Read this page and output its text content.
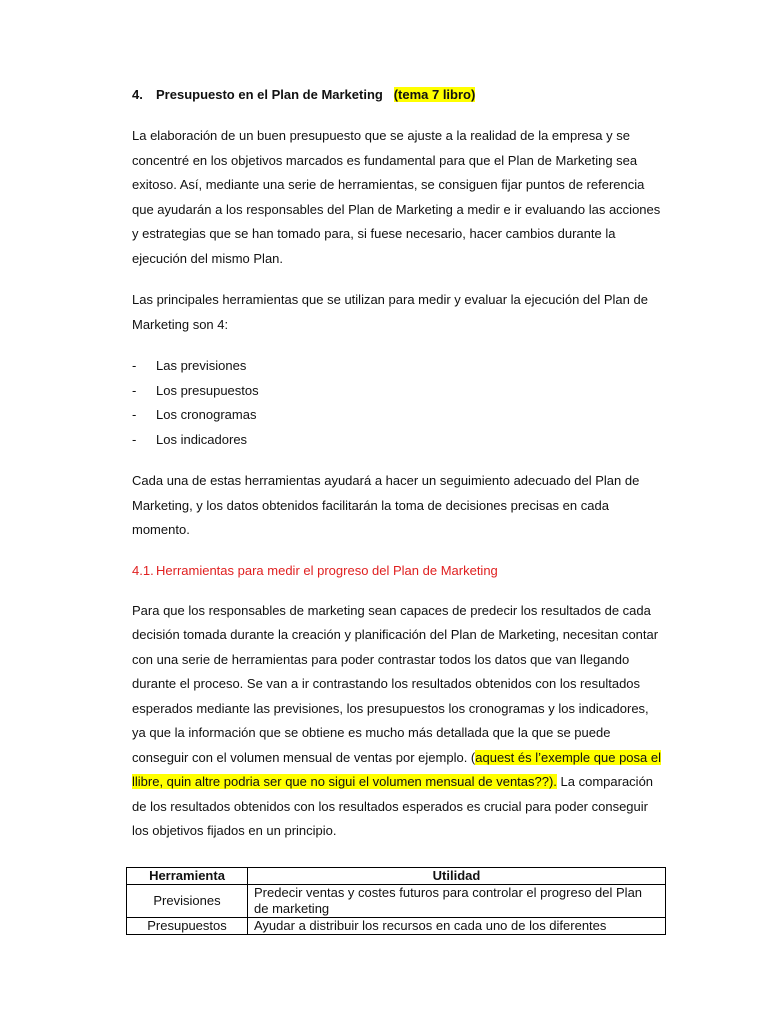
4. Presupuesto en el Plan de Marketing (tema 7 libro)

La elaboración de un buen presupuesto que se ajuste a la realidad de la empresa y se concentré en los objetivos marcados es fundamental para que el Plan de Marketing sea exitoso. Así, mediante una serie de herramientas, se consiguen fijar puntos de referencia que ayudarán a los responsables del Plan de Marketing a medir e ir evaluando las acciones y estrategias que se han tomado para, si fuese necesario, hacer cambios durante la ejecución del mismo Plan.

Las principales herramientas que se utilizan para medir y evaluar la ejecución del Plan de Marketing son 4:

- Las previsiones
- Los presupuestos
- Los cronogramas
- Los indicadores

Cada una de estas herramientas ayudará a hacer un seguimiento adecuado del Plan de Marketing, y los datos obtenidos facilitarán la toma de decisiones precisas en cada momento.

4.1. Herramientas para medir el progreso del Plan de Marketing

Para que los responsables de marketing sean capaces de predecir los resultados de cada decisión tomada durante la creación y planificación del Plan de Marketing, necesitan contar con una serie de herramientas para poder contrastar todos los datos que van llegando durante el proceso. Se van a ir contrastando los resultados obtenidos con los resultados esperados mediante las previsiones, los presupuestos los cronogramas y los indicadores, ya que la información que se obtiene es mucho más detallada que la que se puede conseguir con el volumen mensual de ventas por ejemplo. (aquest és l’exemple que posa el llibre, quin altre podria ser que no sigui el volumen mensual de ventas??). La comparación de los resultados obtenidos con los resultados esperados es crucial para poder conseguir los objetivos fijados en un principio.

Herramienta	Utilidad
Previsiones	Predecir ventas y costes futuros para controlar el progreso del Plan de marketing
Presupuestos	Ayudar a distribuir los recursos en cada uno de los diferentes
